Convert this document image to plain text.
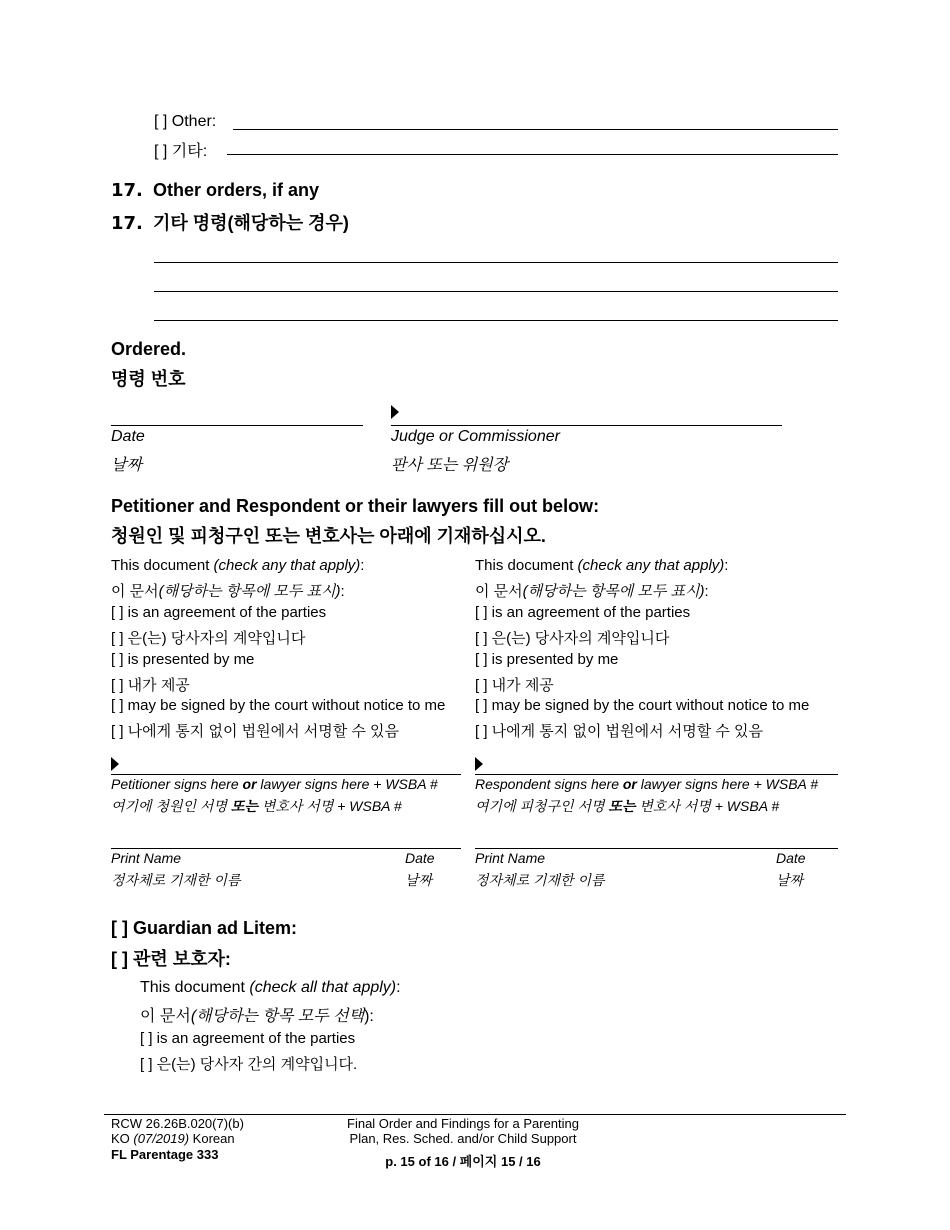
[ ] Other:
[ ] 기타:
17. Other orders, if any
17. 기타 명령(해당하는 경우)
Ordered.
명령 번호
Date
날짜
Judge or Commissioner
판사 또는 위원장
Petitioner and Respondent or their lawyers fill out below:
청원인 및 피청구인 또는 변호사는 아래에 기재하십시오.
This document (check any that apply):
이 문서(해당하는 항목에 모두 표시):
[ ] is an agreement of the parties
[ ] 은(는) 당사자의 계약입니다
[ ] is presented by me
[ ] 내가 제공
[ ] may be signed by the court without notice to me
[ ] 나에게 통지 없이 법원에서 서명할 수 있음
Petitioner signs here or lawyer signs here + WSBA #
여기에 청원인 서명 또는 변호사 서명 + WSBA #
Print Name
정자체로 기재한 이름
Date
날짜
This document (check any that apply):
이 문서(해당하는 항목에 모두 표시):
[ ] is an agreement of the parties
[ ] 은(는) 당사자의 계약입니다
[ ] is presented by me
[ ] 내가 제공
[ ] may be signed by the court without notice to me
[ ] 나에게 통지 없이 법원에서 서명할 수 있음
Respondent signs here or lawyer signs here + WSBA #
여기에 피청구인 서명 또는 변호사 서명 + WSBA #
Print Name
정자체로 기재한 이름
Date
날짜
[ ] Guardian ad Litem:
[ ] 관련 보호자:
This document (check all that apply):
이 문서(해당하는 항목 모두 선택):
[ ] is an agreement of the parties
[ ] 은(는) 당사자 간의 계약입니다.
RCW 26.26B.020(7)(b)
KO (07/2019) Korean
FL Parentage 333
Final Order and Findings for a Parenting
Plan, Res. Sched. and/or Child Support
p. 15 of 16 / 페이지 15 / 16
